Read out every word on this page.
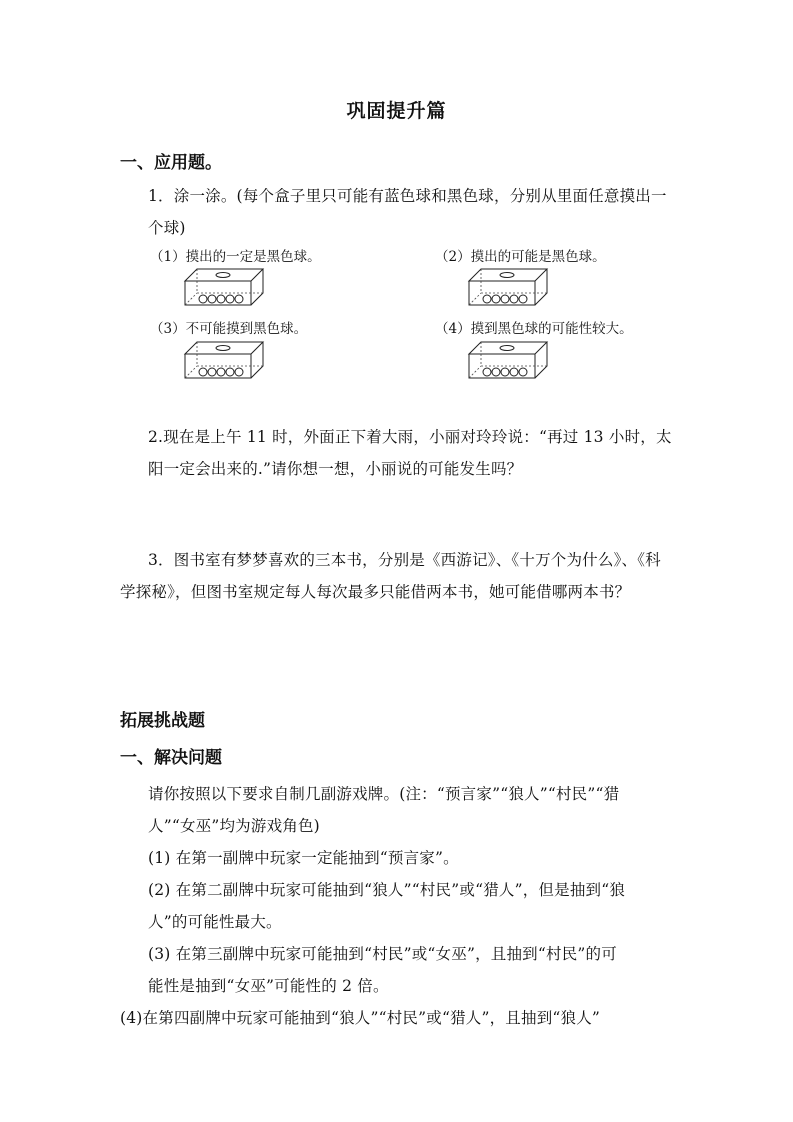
巩固提升篇
一、应用题。
1．涂一涂。(每个盒子里只可能有蓝色球和黑色球，分别从里面任意摸出一
个球)
（1）摸出的一定是黑色球。	（2）摸出的可能是黑色球。
（3）不可能摸到黑色球。	（4）摸到黑色球的可能性较大。
2.现在是上午 11 时，外面正下着大雨，小丽对玲玲说：“再过 13 小时，太
阳一定会出来的.”请你想一想，小丽说的可能发生吗？
3．图书室有梦梦喜欢的三本书，分别是《西游记》、《十万个为什么》、《科
学探秘》，但图书室规定每人每次最多只能借两本书，她可能借哪两本书？
拓展挑战题
一、解决问题
请你按照以下要求自制几副游戏牌。(注：“预言家”“狼人”“村民”“猎
人”“女巫”均为游戏角色)
(1) 在第一副牌中玩家一定能抽到“预言家”。
(2) 在第二副牌中玩家可能抽到“狼人”“村民”或“猎人”，但是抽到“狼
人”的可能性最大。
(3) 在第三副牌中玩家可能抽到“村民”或“女巫”，且抽到“村民”的可
能性是抽到“女巫”可能性的 2 倍。
(4)在第四副牌中玩家可能抽到“狼人”“村民”或“猎人”，且抽到“狼人”
